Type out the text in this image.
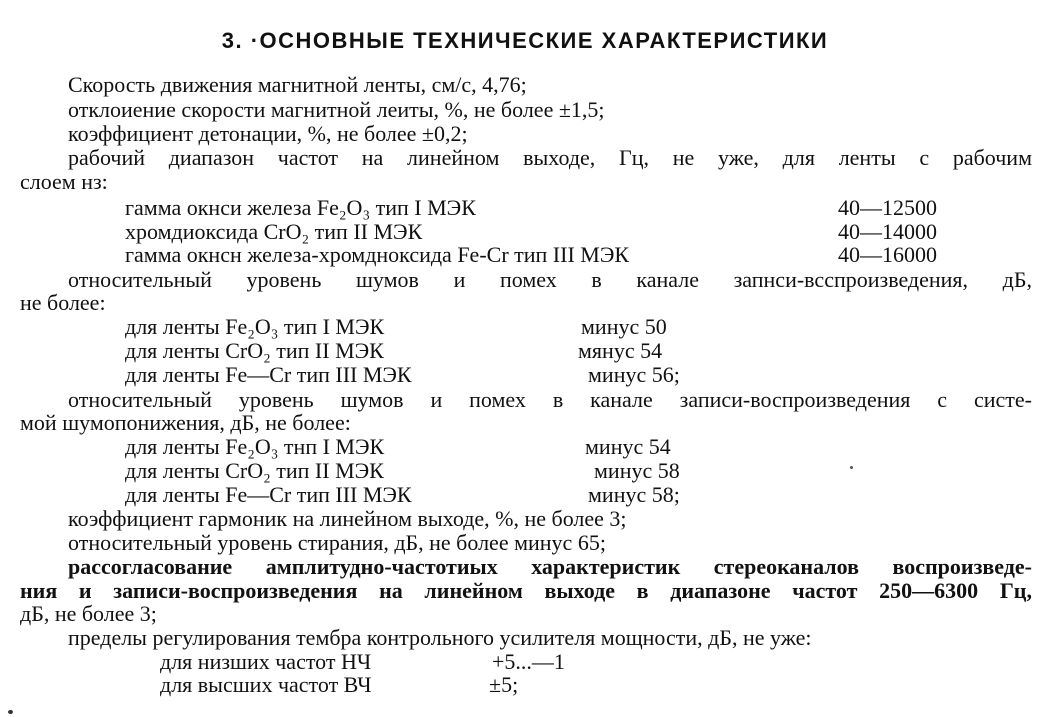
3. ·ОСНОВНЫЕ ТЕХНИЧЕСКИЕ ХАРАКТЕРИСТИКИ
Скорость движения магнитной ленты, см/с, 4,76;
отклоиение скорости магнитной леиты, %, не более ±1,5;
коэффициент детонации, %, не более ±0,2;
рабочий диапазон частот на линейном выходе, Гц, не уже, для ленты с рабочим
слоем нз:
гамма окнси железа Fe₂O₃ тип I МЭК	40—12500
хромдиоксида CrO₂ тип II МЭК	40—14000
гамма окнсн железа-хромдноксида Fe-Cr тип III МЭК	40—16000
относительный уровень шумов и помех в канале запнси-всспроизведения, дБ,
не более:
для ленты Fe₂O₃ тип I МЭК	минус 50
для ленты CrO₂ тип II МЭК	мянус 54
для ленты Fe—Cr тип III МЭК	минус 56;
относительный уровень шумов и помех в канале записи-воспроизведения с систе-
мой шумопонижения, дБ, не более:
для ленты Fe₂O₃ тнп I МЭК	минус 54
для ленты CrO₂ тип II МЭК	минус 58
для ленты Fe—Cr тип III МЭК	минус 58;
коэффициент гармоник на линейном выходе, %, не более 3;
относительный уровень стирания, дБ, не более минус 65;
рассогласование амплитудно-частотиых характеристик стереоканалов воспроизведе-
ния и записи-воспроизведения на линейном выходе в диапазоне частот 250—6300 Гц,
дБ, не более 3;
пределы регулирования тембра контрольного усилителя мощности, дБ, не уже:
для низших частот НЧ	+5...—1
для высших частот ВЧ	±5;
